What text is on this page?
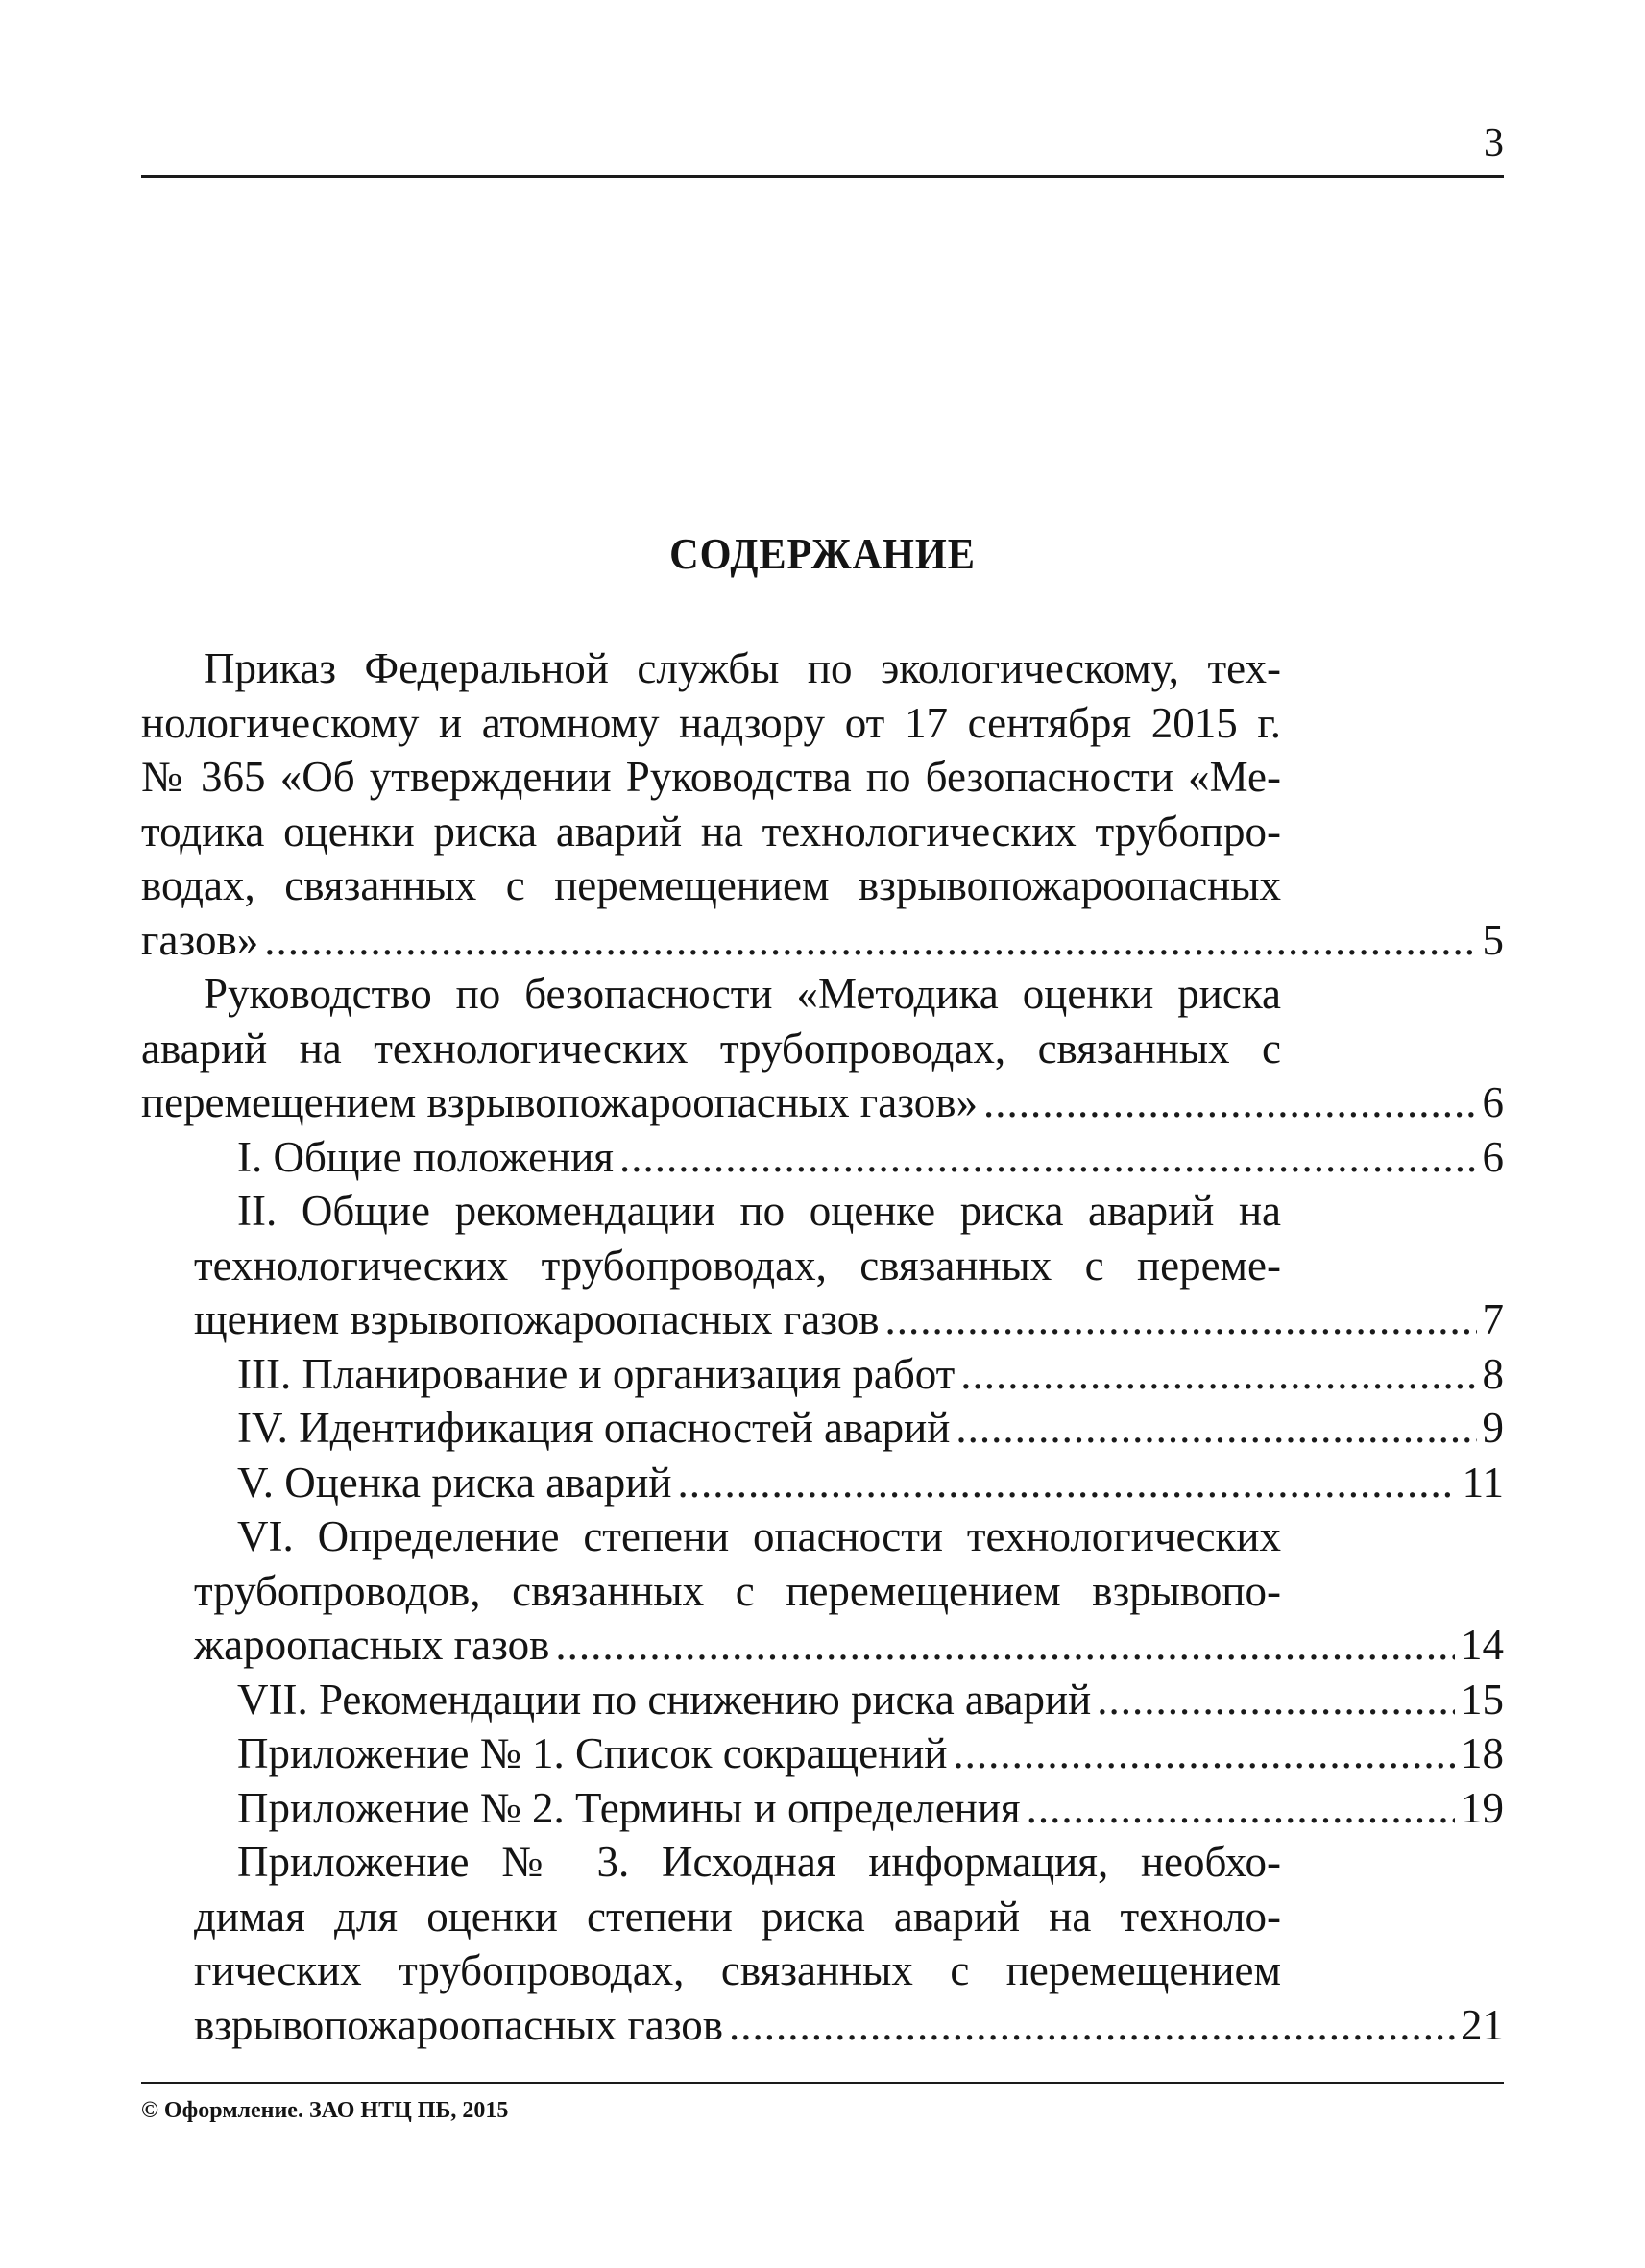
3
СОДЕРЖАНИЕ
Приказ Федеральной службы по экологическому, тех-
нологическому и атомному надзору от 17 сентября 2015 г.
№ 365 «Об утверждении Руководства по безопасности «Ме-
тодика оценки риска аварий на технологических трубопро-
водах, связанных с перемещением взрывопожароопасных
газов» .....	5
Руководство по безопасности «Методика оценки риска
аварий на технологических трубопроводах, связанных с
перемещением взрывопожароопасных газов» .....	6
I. Общие положения .....	6
II. Общие рекомендации по оценке риска аварий на
технологических трубопроводах, связанных с переме-
щением взрывопожароопасных газов .....	7
III. Планирование и организация работ .....	8
IV. Идентификация опасностей аварий .....	9
V. Оценка риска аварий .....	11
VI. Определение степени опасности технологических
трубопроводов, связанных с перемещением взрывопо-
жароопасных газов .....	14
VII. Рекомендации по снижению риска аварий .....	15
Приложение № 1. Список сокращений .....	18
Приложение № 2. Термины и определения .....	19
Приложение № 3. Исходная информация, необхо-
димая для оценки степени риска аварий на техноло-
гических трубопроводах, связанных с перемещением
взрывопожароопасных газов .....	21
© Оформление. ЗАО НТЦ ПБ, 2015
